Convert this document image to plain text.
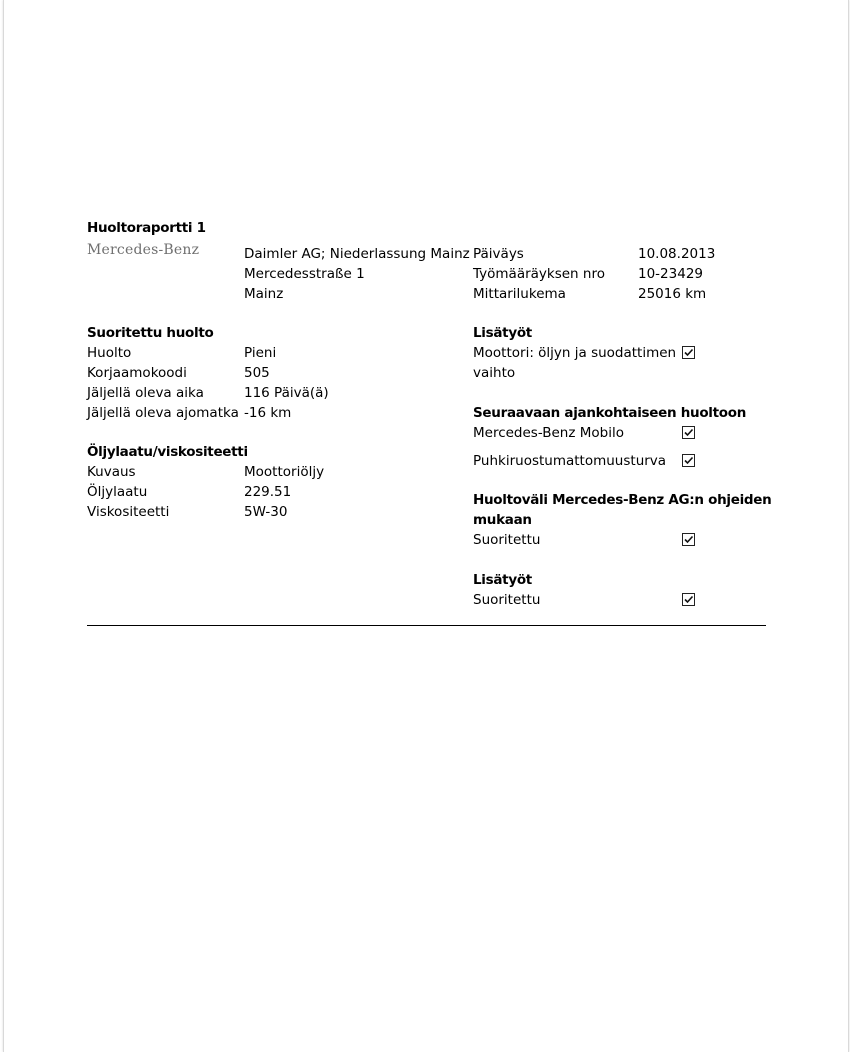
Huoltoraportti 1
Mercedes-Benz	Daimler AG; Niederlassung Mainz
Mercedesstraße 1
Mainz
Päiväys	10.08.2013
Työmääräyksen nro 10-23429
Mittarilukema	25016 km
Suoritettu huolto
Huolto	Pieni
Korjaamokoodi	505
Jäljellä oleva aika	116 Päivä(ä)
Jäljellä oleva ajomatka -16 km
Öljylaatu/viskositeetti
Kuvaus	Moottoriöljy
Öljylaatu	229.51
Viskositeetti	5W-30
Lisätyöt
Moottori: öljyn ja suodattimen
vaihto
Seuraavaan ajankohtaiseen huoltoon
Mercedes-Benz Mobilo
Puhkiruostumattomuusturva
Huoltoväli Mercedes-Benz AG:n ohjeiden
mukaan
Suoritettu
Lisätyöt
Suoritettu
